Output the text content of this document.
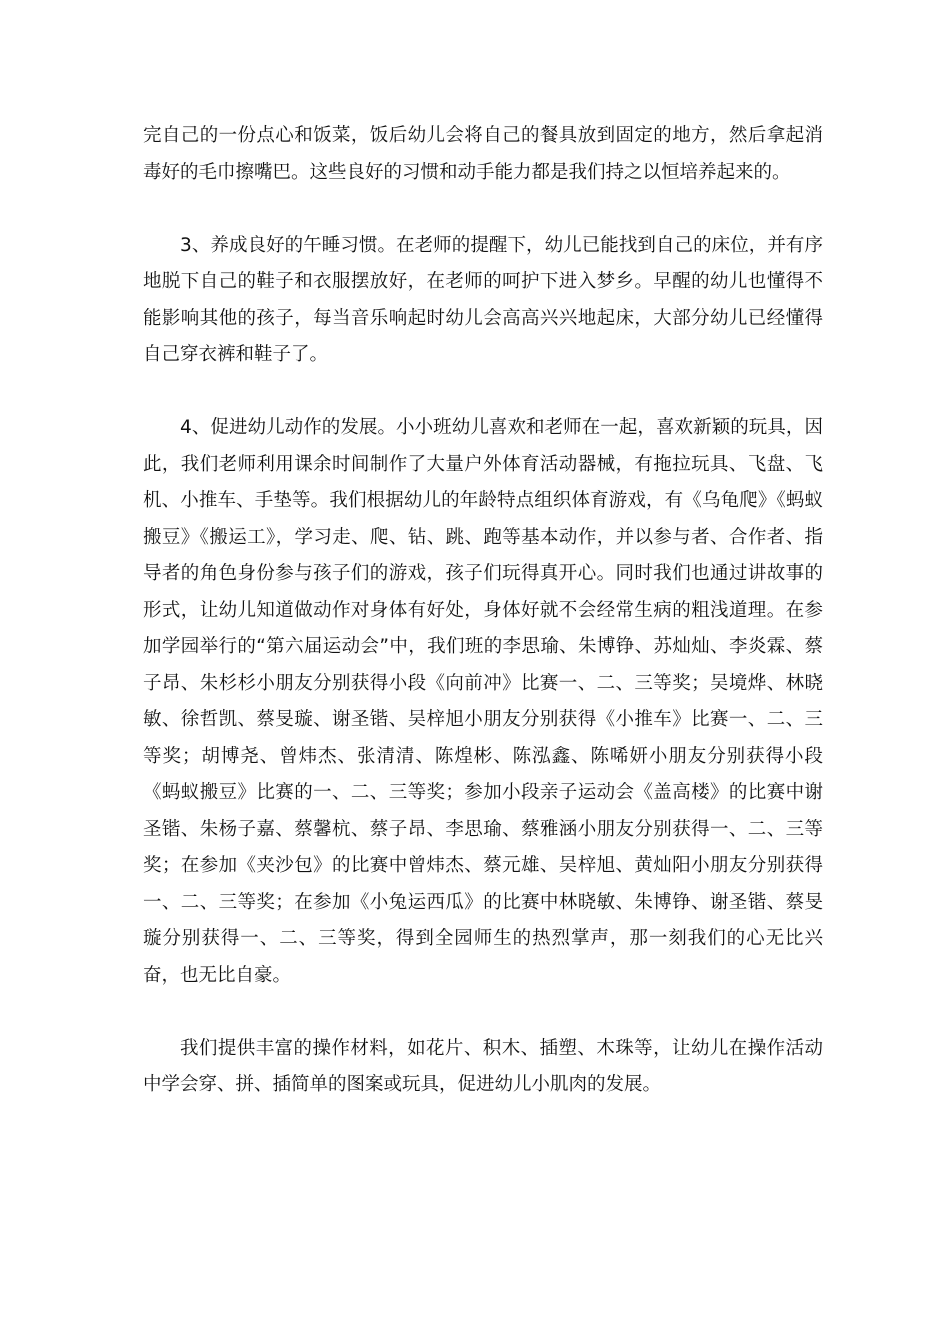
完自己的一份点心和饭菜，饭后幼儿会将自己的餐具放到固定的地方，然后拿起消毒好的毛巾擦嘴巴。这些良好的习惯和动手能力都是我们持之以恒培养起来的。

3、养成良好的午睡习惯。在老师的提醒下，幼儿已能找到自己的床位，并有序地脱下自己的鞋子和衣服摆放好，在老师的呵护下进入梦乡。早醒的幼儿也懂得不能影响其他的孩子，每当音乐响起时幼儿会高高兴兴地起床，大部分幼儿已经懂得自己穿衣裤和鞋子了。

4、促进幼儿动作的发展。小小班幼儿喜欢和老师在一起，喜欢新颖的玩具，因此，我们老师利用课余时间制作了大量户外体育活动器械，有拖拉玩具、飞盘、飞机、小推车、手垫等。我们根据幼儿的年龄特点组织体育游戏，有《乌龟爬》《蚂蚁搬豆》《搬运工》，学习走、爬、钻、跳、跑等基本动作，并以参与者、合作者、指导者的角色身份参与孩子们的游戏，孩子们玩得真开心。同时我们也通过讲故事的形式，让幼儿知道做动作对身体有好处，身体好就不会经常生病的粗浅道理。在参加学园举行的“第六届运动会”中，我们班的李思瑜、朱博铮、苏灿灿、李炎霖、蔡子昂、朱杉杉小朋友分别获得小段《向前冲》比赛一、二、三等奖；吴境烨、林晓敏、徐哲凯、蔡旻璇、谢圣锴、吴梓旭小朋友分别获得《小推车》比赛一、二、三等奖；胡博尧、曾炜杰、张清清、陈煌彬、陈泓鑫、陈唏妍小朋友分别获得小段《蚂蚁搬豆》比赛的一、二、三等奖；参加小段亲子运动会《盖高楼》的比赛中谢圣锴、朱杨子嘉、蔡馨杭、蔡子昂、李思瑜、蔡雅涵小朋友分别获得一、二、三等奖；在参加《夹沙包》的比赛中曾炜杰、蔡元雄、吴梓旭、黄灿阳小朋友分别获得一、二、三等奖；在参加《小兔运西瓜》的比赛中林晓敏、朱博铮、谢圣锴、蔡旻璇分别获得一、二、三等奖，得到全园师生的热烈掌声，那一刻我们的心无比兴奋，也无比自豪。

我们提供丰富的操作材料，如花片、积木、插塑、木珠等，让幼儿在操作活动中学会穿、拼、插简单的图案或玩具，促进幼儿小肌肉的发展。
